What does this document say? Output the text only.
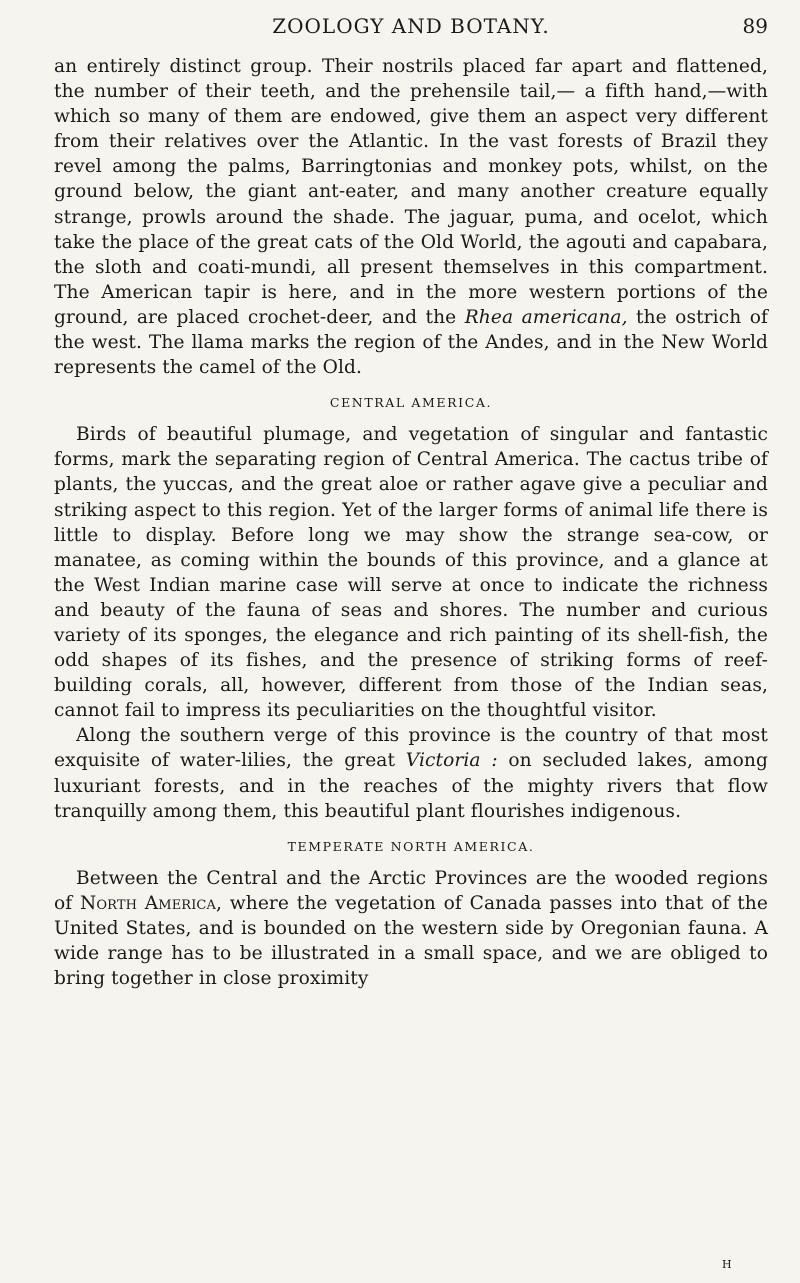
ZOOLOGY AND BOTANY.	89

an entirely distinct group. Their nostrils placed far apart and flattened, the number of their teeth, and the prehensile tail,— a fifth hand,—with which so many of them are endowed, give them an aspect very different from their relatives over the Atlantic. In the vast forests of Brazil they revel among the palms, Barringtonias and monkey pots, whilst, on the ground below, the giant ant-eater, and many another creature equally strange, prowls around the shade. The jaguar, puma, and ocelot, which take the place of the great cats of the Old World, the agouti and capabara, the sloth and coati-mundi, all present themselves in this compartment. The American tapir is here, and in the more western portions of the ground, are placed crochet-deer, and the Rhea americana, the ostrich of the west. The llama marks the region of the Andes, and in the New World represents the camel of the Old.

CENTRAL AMERICA.

Birds of beautiful plumage, and vegetation of singular and fantastic forms, mark the separating region of Central America. The cactus tribe of plants, the yuccas, and the great aloe or rather agave give a peculiar and striking aspect to this region. Yet of the larger forms of animal life there is little to display. Before long we may show the strange sea-cow, or manatee, as coming within the bounds of this province, and a glance at the West Indian marine case will serve at once to indicate the richness and beauty of the fauna of seas and shores. The number and curious variety of its sponges, the elegance and rich painting of its shell-fish, the odd shapes of its fishes, and the presence of striking forms of reef-building corals, all, however, different from those of the Indian seas, cannot fail to impress its peculiarities on the thoughtful visitor.

Along the southern verge of this province is the country of that most exquisite of water-lilies, the great Victoria : on secluded lakes, among luxuriant forests, and in the reaches of the mighty rivers that flow tranquilly among them, this beautiful plant flourishes indigenous.

TEMPERATE NORTH AMERICA.

Between the Central and the Arctic Provinces are the wooded regions of North America, where the vegetation of Canada passes into that of the United States, and is bounded on the western side by Oregonian fauna. A wide range has to be illustrated in a small space, and we are obliged to bring together in close proximity

H
